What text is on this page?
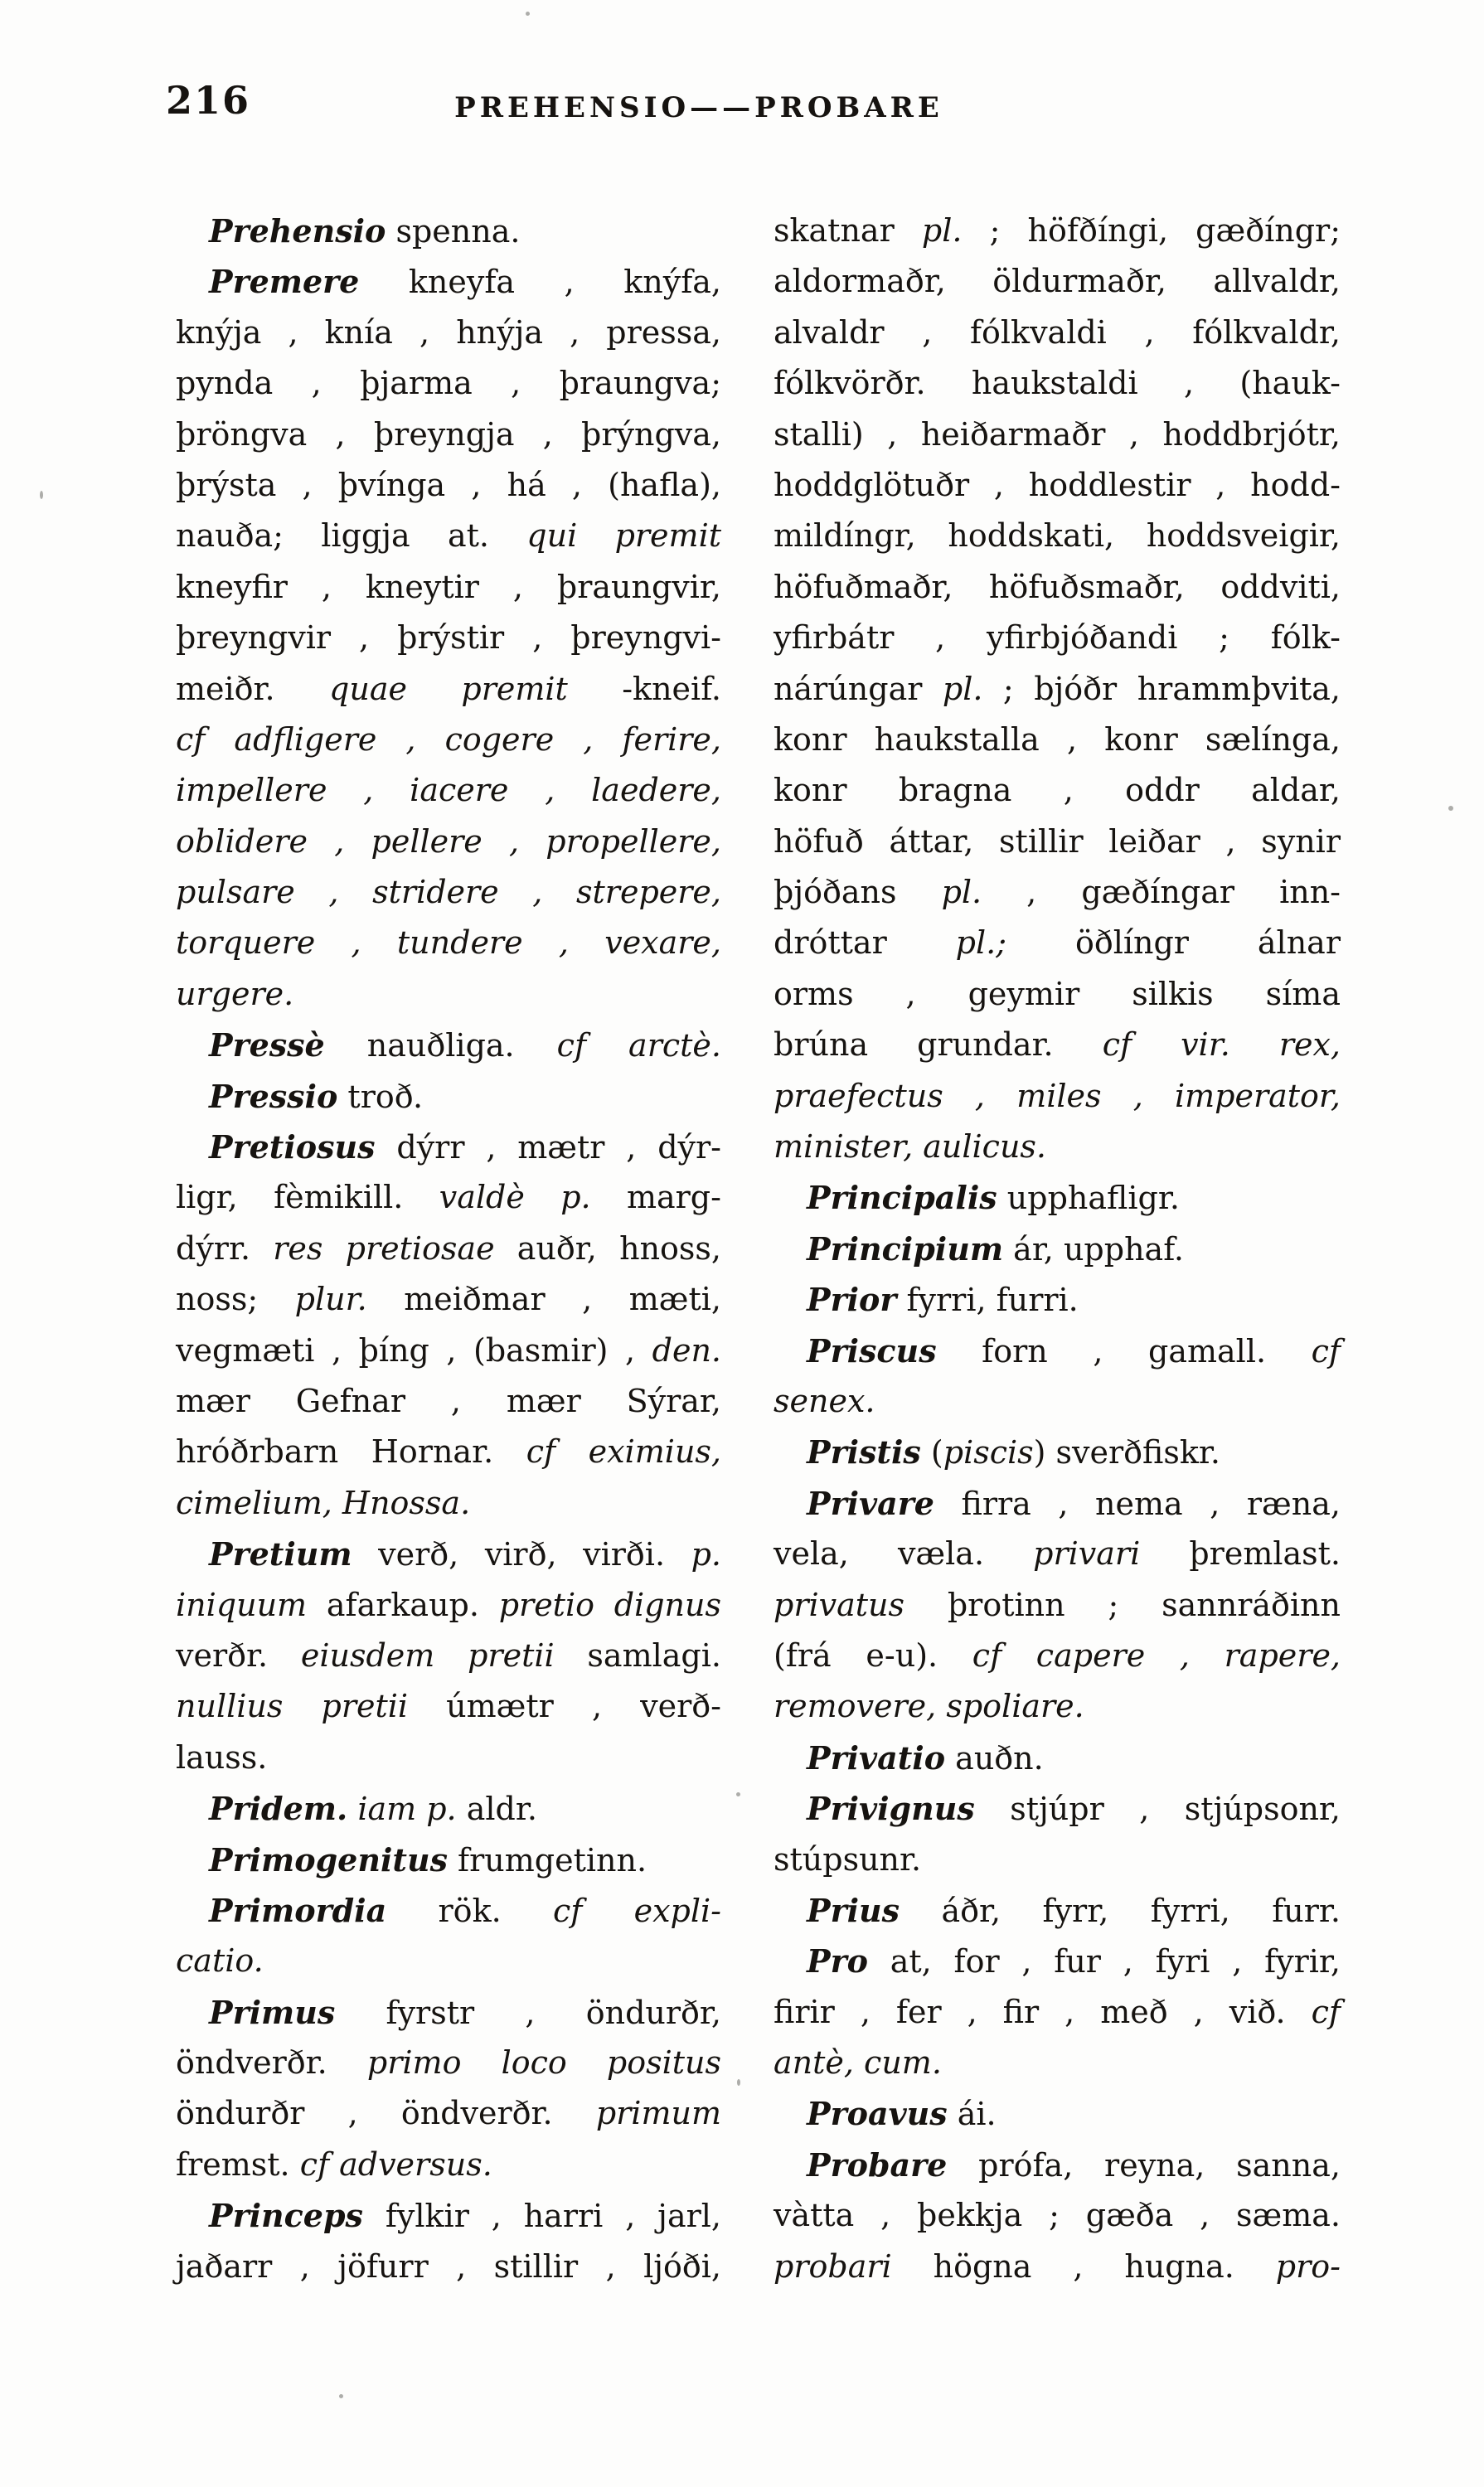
216	PREHENSIO——PROBARE
Prehensio spenna.
Premere kneyfa , knýfa,
knýja , knía , hnýja , pressa,
pynda , þjarma , þraungva;
þröngva , þreyngja , þrýngva,
þrýsta , þvínga , há , (hafla),
nauða; liggja at. qui premit
kneyfir , kneytir , þraungvir,
þreyngvir , þrýstir , þreyngvi-
meiðr. quae premit -kneif.
cf adfligere , cogere , ferire,
impellere , iacere , laedere,
oblidere , pellere , propellere,
pulsare , stridere , strepere,
torquere , tundere , vexare,
urgere.
Pressè nauðliga. cf arctè.
Pressio troð.
Pretiosus dýrr , mætr , dýr-
ligr, fèmikill. valdè p. marg-
dýrr. res pretiosae auðr, hnoss,
noss; plur. meiðmar , mæti,
vegmæti , þíng , (basmir) , den.
mær Gefnar , mær Sýrar,
hróðrbarn Hornar. cf eximius,
cimelium, Hnossa.
Pretium verð, virð, virði. p.
iniquum afarkaup. pretio dignus
verðr. eiusdem pretii samlagi.
nullius pretii úmætr , verð-
lauss.
Pridem. iam p. aldr.
Primogenitus frumgetinn.
Primordia rök. cf expli-
catio.
Primus fyrstr , öndurðr,
öndverðr. primo loco positus
öndurðr , öndverðr. primum
fremst. cf adversus.
Princeps fylkir , harri , jarl,
jaðarr , jöfurr , stillir , ljóði,
skatnar pl. ; höfðíngi, gæðíngr;
aldormaðr, öldurmaðr, allvaldr,
alvaldr , fólkvaldi , fólkvaldr,
fólkvörðr. haukstaldi , (hauk-
stalli) , heiðarmaðr , hoddbrjótr,
hoddglötuðr , hoddlestir , hodd-
mildíngr, hoddskati, hoddsveigir,
höfuðmaðr, höfuðsmaðr, oddviti,
yfirbátr , yfirbjóðandi ; fólk-
nárúngar pl. ; bjóðr hrammþvita,
konr haukstalla , konr sælínga,
konr bragna , oddr aldar,
höfuð áttar, stillir leiðar , synir
þjóðans pl. , gæðíngar inn-
dróttar pl.; öðlíngr álnar
orms , geymir silkis síma
brúna grundar. cf vir. rex,
praefectus , miles , imperator,
minister, aulicus.
Principalis upphafligr.
Principium ár, upphaf.
Prior fyrri, furri.
Priscus forn , gamall. cf
senex.
Pristis (piscis) sverðfiskr.
Privare firra , nema , ræna,
vela, væla. privari þremlast.
privatus þrotinn ; sannráðinn
(frá e-u). cf capere , rapere,
removere, spoliare.
Privatio auðn.
Privignus stjúpr , stjúpsonr,
stúpsunr.
Prius áðr, fyrr, fyrri, furr.
Pro at, for , fur , fyri , fyrir,
firir , fer , fir , með , við. cf
antè, cum.
Proavus ái.
Probare prófa, reyna, sanna,
vàtta , þekkja ; gæða , sæma.
probari högna , hugna. pro-
